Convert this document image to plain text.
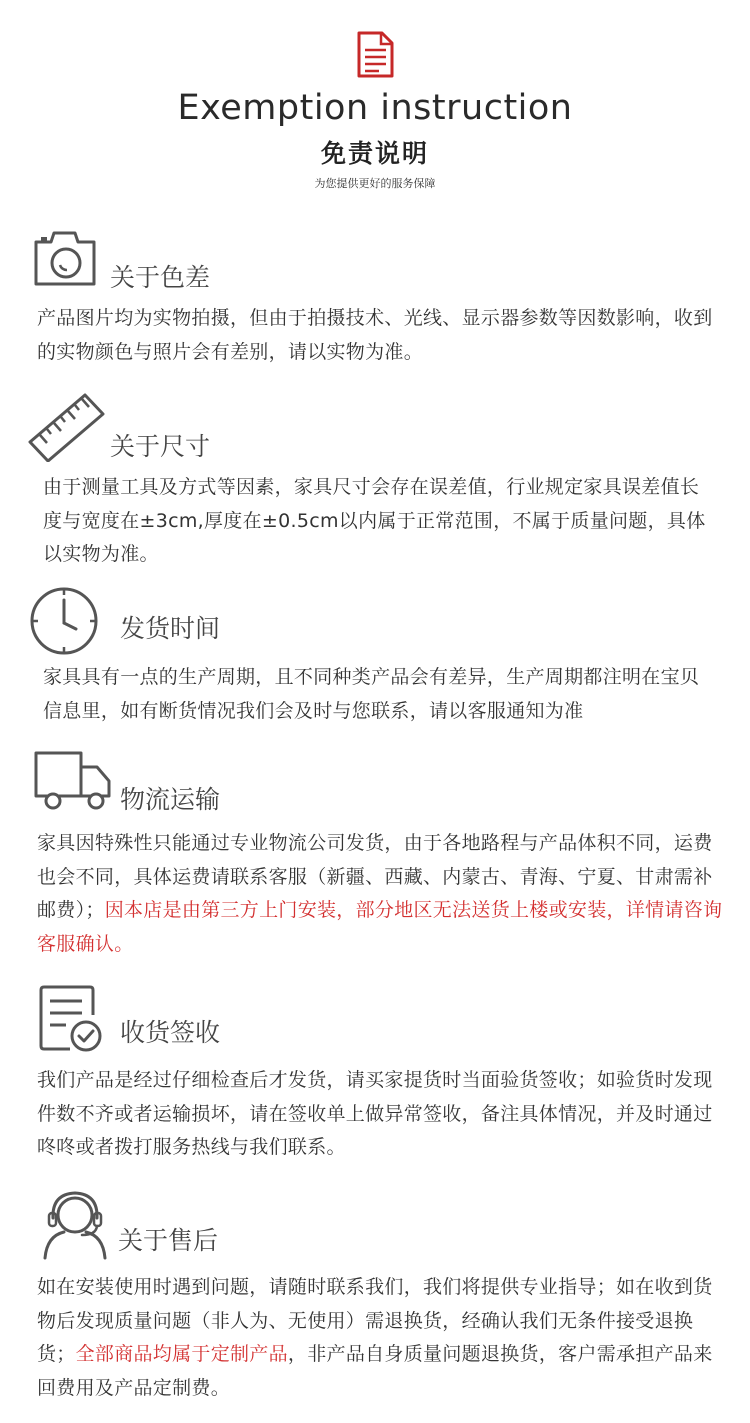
Exemption instruction
免责说明
为您提供更好的服务保障
关于色差
产品图片均为实物拍摄，但由于拍摄技术、光线、显示器参数等因数影响，收到的实物颜色与照片会有差别，请以实物为准。
关于尺寸
由于测量工具及方式等因素，家具尺寸会存在误差值，行业规定家具误差值长度与宽度在±3cm,厚度在±0.5cm以内属于正常范围，不属于质量问题，具体以实物为准。
发货时间
家具具有一点的生产周期，且不同种类产品会有差异，生产周期都注明在宝贝信息里，如有断货情况我们会及时与您联系，请以客服通知为准
物流运输
家具因特殊性只能通过专业物流公司发货，由于各地路程与产品体积不同，运费也会不同，具体运费请联系客服（新疆、西藏、内蒙古、青海、宁夏、甘肃需补邮费）；因本店是由第三方上门安装，部分地区无法送货上楼或安装，详情请咨询客服确认。
收货签收
我们产品是经过仔细检查后才发货，请买家提货时当面验货签收；如验货时发现件数不齐或者运输损坏，请在签收单上做异常签收，备注具体情况，并及时通过咚咚或者拨打服务热线与我们联系。
关于售后
如在安装使用时遇到问题，请随时联系我们，我们将提供专业指导；如在收到货物后发现质量问题（非人为、无使用）需退换货，经确认我们无条件接受退换货；全部商品均属于定制产品，非产品自身质量问题退换货，客户需承担产品来回费用及产品定制费。
